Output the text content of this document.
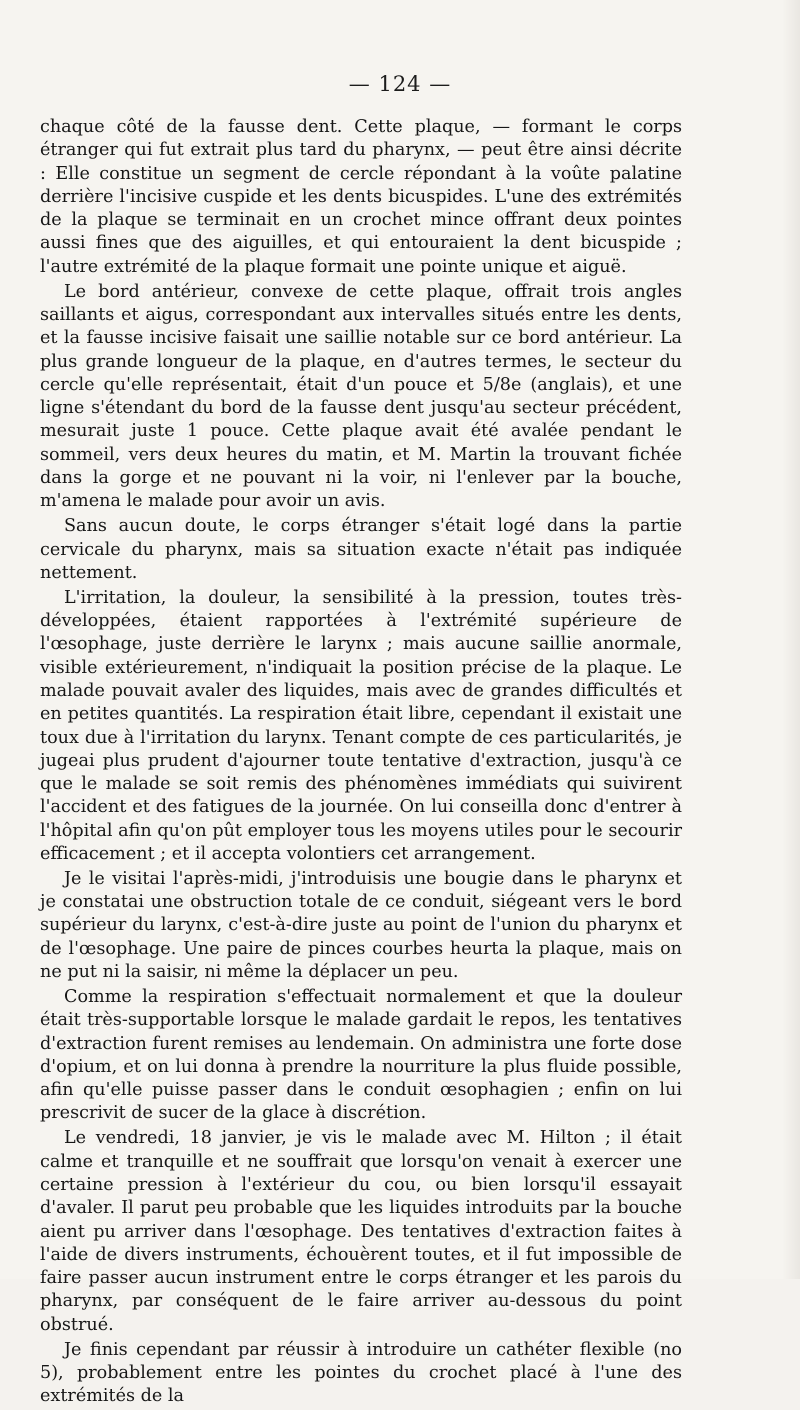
— 124 —

chaque côté de la fausse dent. Cette plaque, — formant le corps étranger qui fut extrait plus tard du pharynx, — peut être ainsi décrite : Elle constitue un segment de cercle répondant à la voûte palatine derrière l'incisive cuspide et les dents bicuspides. L'une des extrémités de la plaque se terminait en un crochet mince offrant deux pointes aussi fines que des aiguilles, et qui entouraient la dent bicuspide ; l'autre extrémité de la plaque formait une pointe unique et aiguë.

Le bord antérieur, convexe de cette plaque, offrait trois angles saillants et aigus, correspondant aux intervalles situés entre les dents, et la fausse incisive faisait une saillie notable sur ce bord antérieur. La plus grande longueur de la plaque, en d'autres termes, le secteur du cercle qu'elle représentait, était d'un pouce et 5/8e (anglais), et une ligne s'étendant du bord de la fausse dent jusqu'au secteur précédent, mesurait juste 1 pouce. Cette plaque avait été avalée pendant le sommeil, vers deux heures du matin, et M. Martin la trouvant fichée dans la gorge et ne pouvant ni la voir, ni l'enlever par la bouche, m'amena le malade pour avoir un avis.

Sans aucun doute, le corps étranger s'était logé dans la partie cervicale du pharynx, mais sa situation exacte n'était pas indiquée nettement.

L'irritation, la douleur, la sensibilité à la pression, toutes très-développées, étaient rapportées à l'extrémité supérieure de l'œsophage, juste derrière le larynx ; mais aucune saillie anormale, visible extérieurement, n'indiquait la position précise de la plaque. Le malade pouvait avaler des liquides, mais avec de grandes difficultés et en petites quantités. La respiration était libre, cependant il existait une toux due à l'irritation du larynx. Tenant compte de ces particularités, je jugeai plus prudent d'ajourner toute tentative d'extraction, jusqu'à ce que le malade se soit remis des phénomènes immédiats qui suivirent l'accident et des fatigues de la journée. On lui conseilla donc d'entrer à l'hôpital afin qu'on pût employer tous les moyens utiles pour le secourir efficacement ; et il accepta volontiers cet arrangement.

Je le visitai l'après-midi, j'introduisis une bougie dans le pharynx et je constatai une obstruction totale de ce conduit, siégeant vers le bord supérieur du larynx, c'est-à-dire juste au point de l'union du pharynx et de l'œsophage. Une paire de pinces courbes heurta la plaque, mais on ne put ni la saisir, ni même la déplacer un peu.

Comme la respiration s'effectuait normalement et que la douleur était très-supportable lorsque le malade gardait le repos, les tentatives d'extraction furent remises au lendemain. On administra une forte dose d'opium, et on lui donna à prendre la nourriture la plus fluide possible, afin qu'elle puisse passer dans le conduit œsophagien ; enfin on lui prescrivit de sucer de la glace à discrétion.

Le vendredi, 18 janvier, je vis le malade avec M. Hilton ; il était calme et tranquille et ne souffrait que lorsqu'on venait à exercer une certaine pression à l'extérieur du cou, ou bien lorsqu'il essayait d'avaler. Il parut peu probable que les liquides introduits par la bouche aient pu arriver dans l'œsophage. Des tentatives d'extraction faites à l'aide de divers instruments, échouèrent toutes, et il fut impossible de faire passer aucun instrument entre le corps étranger et les parois du pharynx, par conséquent de le faire arriver au-dessous du point obstrué.

Je finis cependant par réussir à introduire un cathéter flexible (no 5), probablement entre les pointes du crochet placé à l'une des extrémités de la
